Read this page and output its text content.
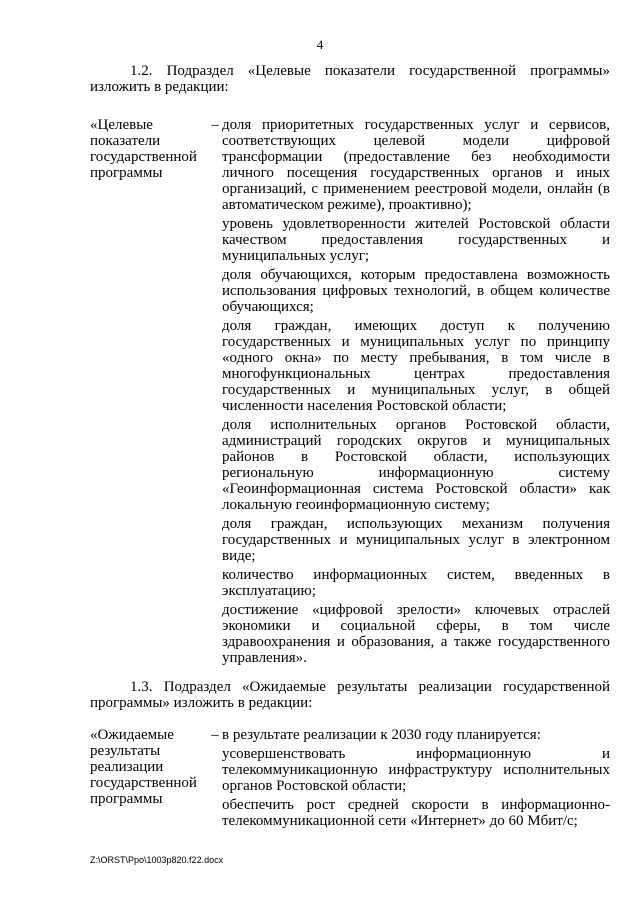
4

1.2. Подраздел «Целевые показатели государственной программы» изложить в редакции:

«Целевые
показатели
государственной
программы
– доля приоритетных государственных услуг и сервисов, соответствующих целевой модели цифровой трансформации (предоставление без необходимости личного посещения государственных органов и иных организаций, с применением реестровой модели, онлайн (в автоматическом режиме), проактивно);

уровень удовлетворенности жителей Ростовской области качеством предоставления государственных и муниципальных услуг;

доля обучающихся, которым предоставлена возможность использования цифровых технологий, в общем количестве обучающихся;

доля граждан, имеющих доступ к получению государственных и муниципальных услуг по принципу «одного окна» по месту пребывания, в том числе в многофункциональных центрах предоставления государственных и муниципальных услуг, в общей численности населения Ростовской области;

доля исполнительных органов Ростовской области, администраций городских округов и муниципальных районов в Ростовской области, использующих региональную информационную систему «Геоинформационная система Ростовской области» как локальную геоинформационную систему;

доля граждан, использующих механизм получения государственных и муниципальных услуг в электронном виде;

количество информационных систем, введенных в эксплуатацию;

достижение «цифровой зрелости» ключевых отраслей экономики и социальной сферы, в том числе здравоохранения и образования, а также государственного управления».

1.3. Подраздел «Ожидаемые результаты реализации государственной программы» изложить в редакции:

«Ожидаемые
результаты
реализации
государственной
программы
– в результате реализации к 2030 году планируется:

усовершенствовать информационную и телекоммуникационную инфраструктуру исполнительных органов Ростовской области;

обеспечить рост средней скорости в информационно-телекоммуникационной сети «Интернет» до 60 Мбит/с;

Z:\ORST\Ppo\1003p820.f22.docx
